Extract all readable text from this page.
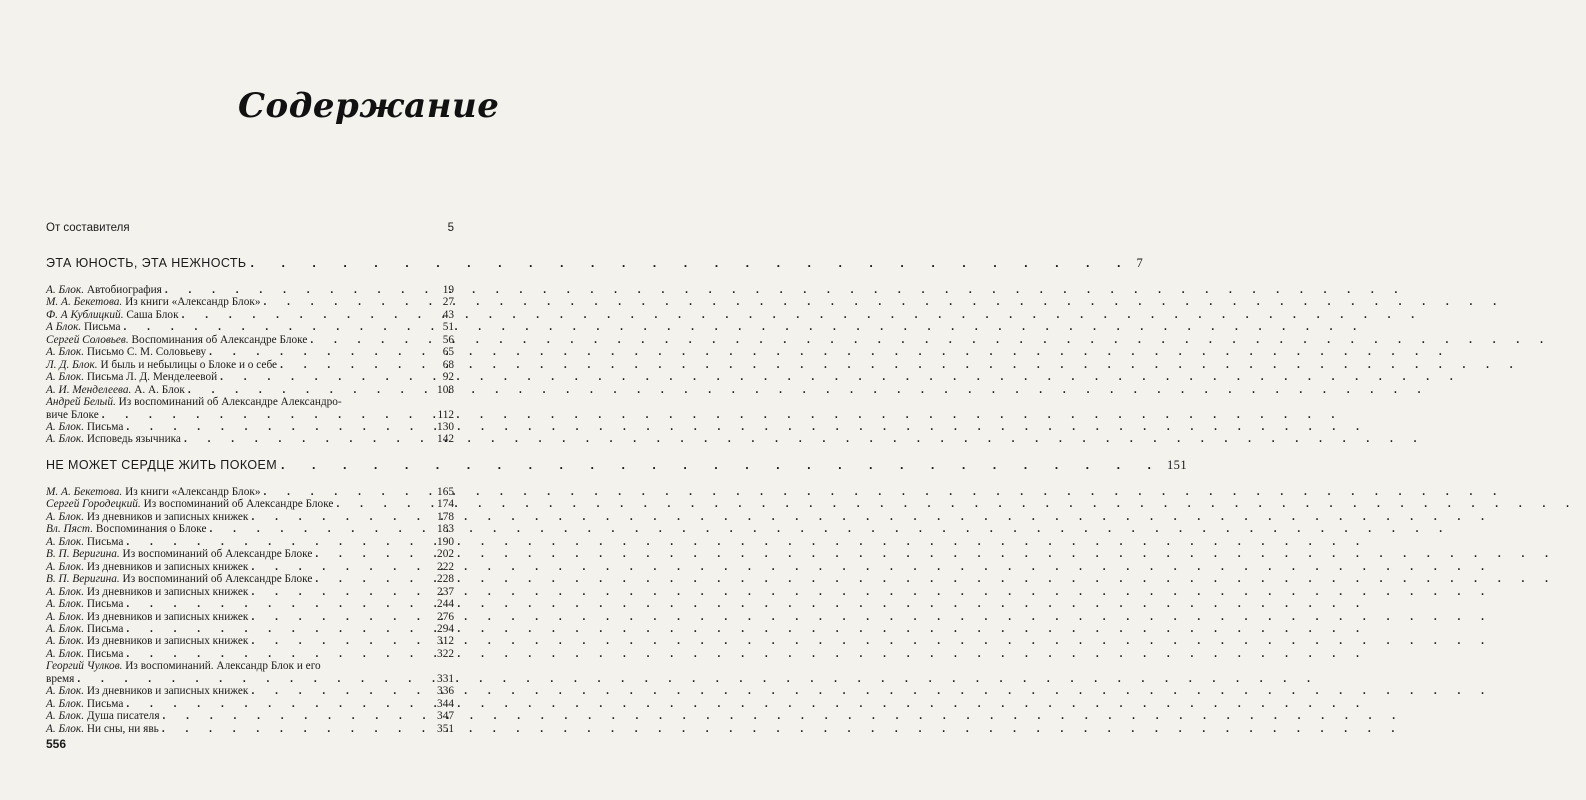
Содержание
От составителя	5
ЭТА ЮНОСТЬ, ЭТА НЕЖНОСТЬ . . .	7
А. Блок. Автобиография . . .	19
М. А. Бекетова. Из книги «Александр Блок» . . .	27
Ф. А Кублицкий. Саша Блок . . .	43
А Блок. Письма . . .	51
Сергей Соловьев. Воспоминания об Александре Блоке . . .	56
А. Блок. Письмо С. М. Соловьеву . . .	65
Л. Д. Блок. И быль и небылицы о Блоке и о себе . . .	68
А. Блок. Письма Л. Д. Менделеевой . . .	92
А. И. Менделеева. А. А. Блок . . .	108
Андрей Белый. Из воспоминаний об Александре Александро-
виче Блоке . . .	112
А. Блок. Письма . . .	130
А. Блок. Исповедь язычника . . .	142
НЕ МОЖЕТ СЕРДЦЕ ЖИТЬ ПОКОЕМ . . .	151
М. А. Бекетова. Из книги «Александр Блок» . . .	165
Сергей Городецкий. Из воспоминаний об Александре Блоке . . .	174
А. Блок. Из дневников и записных книжек . . .	178
Вл. Пяст. Воспоминания о Блоке . . .	183
А. Блок. Письма . . .	190
В. П. Веригина. Из воспоминаний об Александре Блоке . . .	202
А. Блок. Из дневников и записных книжек . . .	222
В. П. Веригина. Из воспоминаний об Александре Блоке . . .	228
А. Блок. Из дневников и записных книжек . . .	237
А. Блок. Письма . . .	244
А. Блок. Из дневников и записных книжек . . .	276
А. Блок. Письма . . .	294
А. Блок. Из дневников и записных книжек . . .	312
А. Блок. Письма . . .	322
Георгий Чулков. Из воспоминаний. Александр Блок и его
время . . .	331
А. Блок. Из дневников и записных книжек . . .	336
А. Блок. Письма . . .	344
А. Блок. Душа писателя . . .	347
А. Блок. Ни сны, ни явь . . .	351
556
